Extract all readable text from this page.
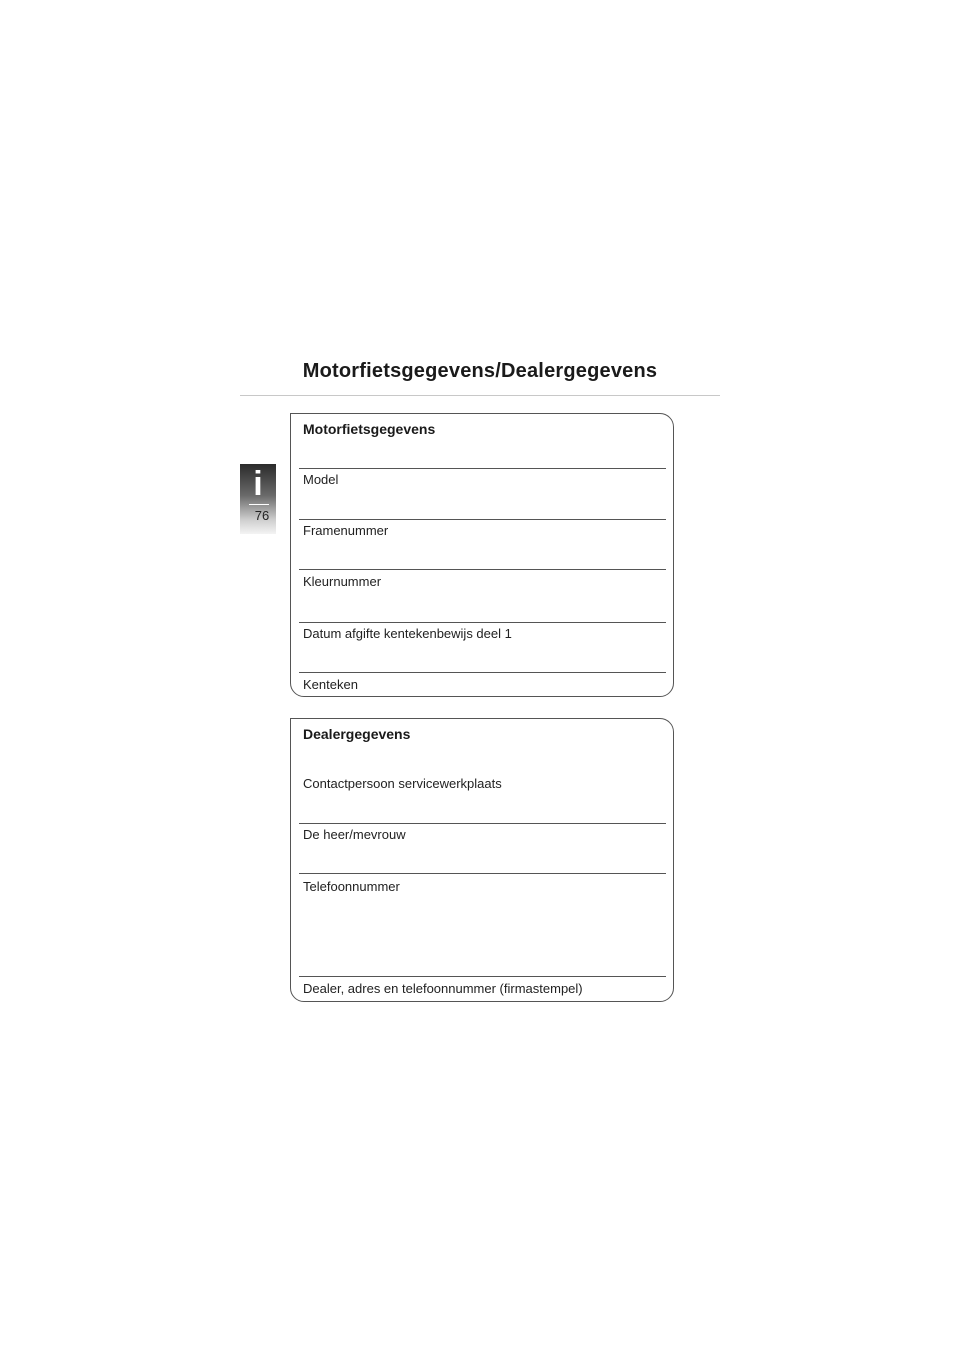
Motorfietsgegevens/Dealergegevens
i
76
Motorfietsgegevens
Model
Framenummer
Kleurnummer
Datum afgifte kentekenbewijs deel 1
Kenteken
Dealergegevens
Contactpersoon servicewerkplaats
De heer/mevrouw
Telefoonnummer
Dealer, adres en telefoonnummer (firmastempel)
